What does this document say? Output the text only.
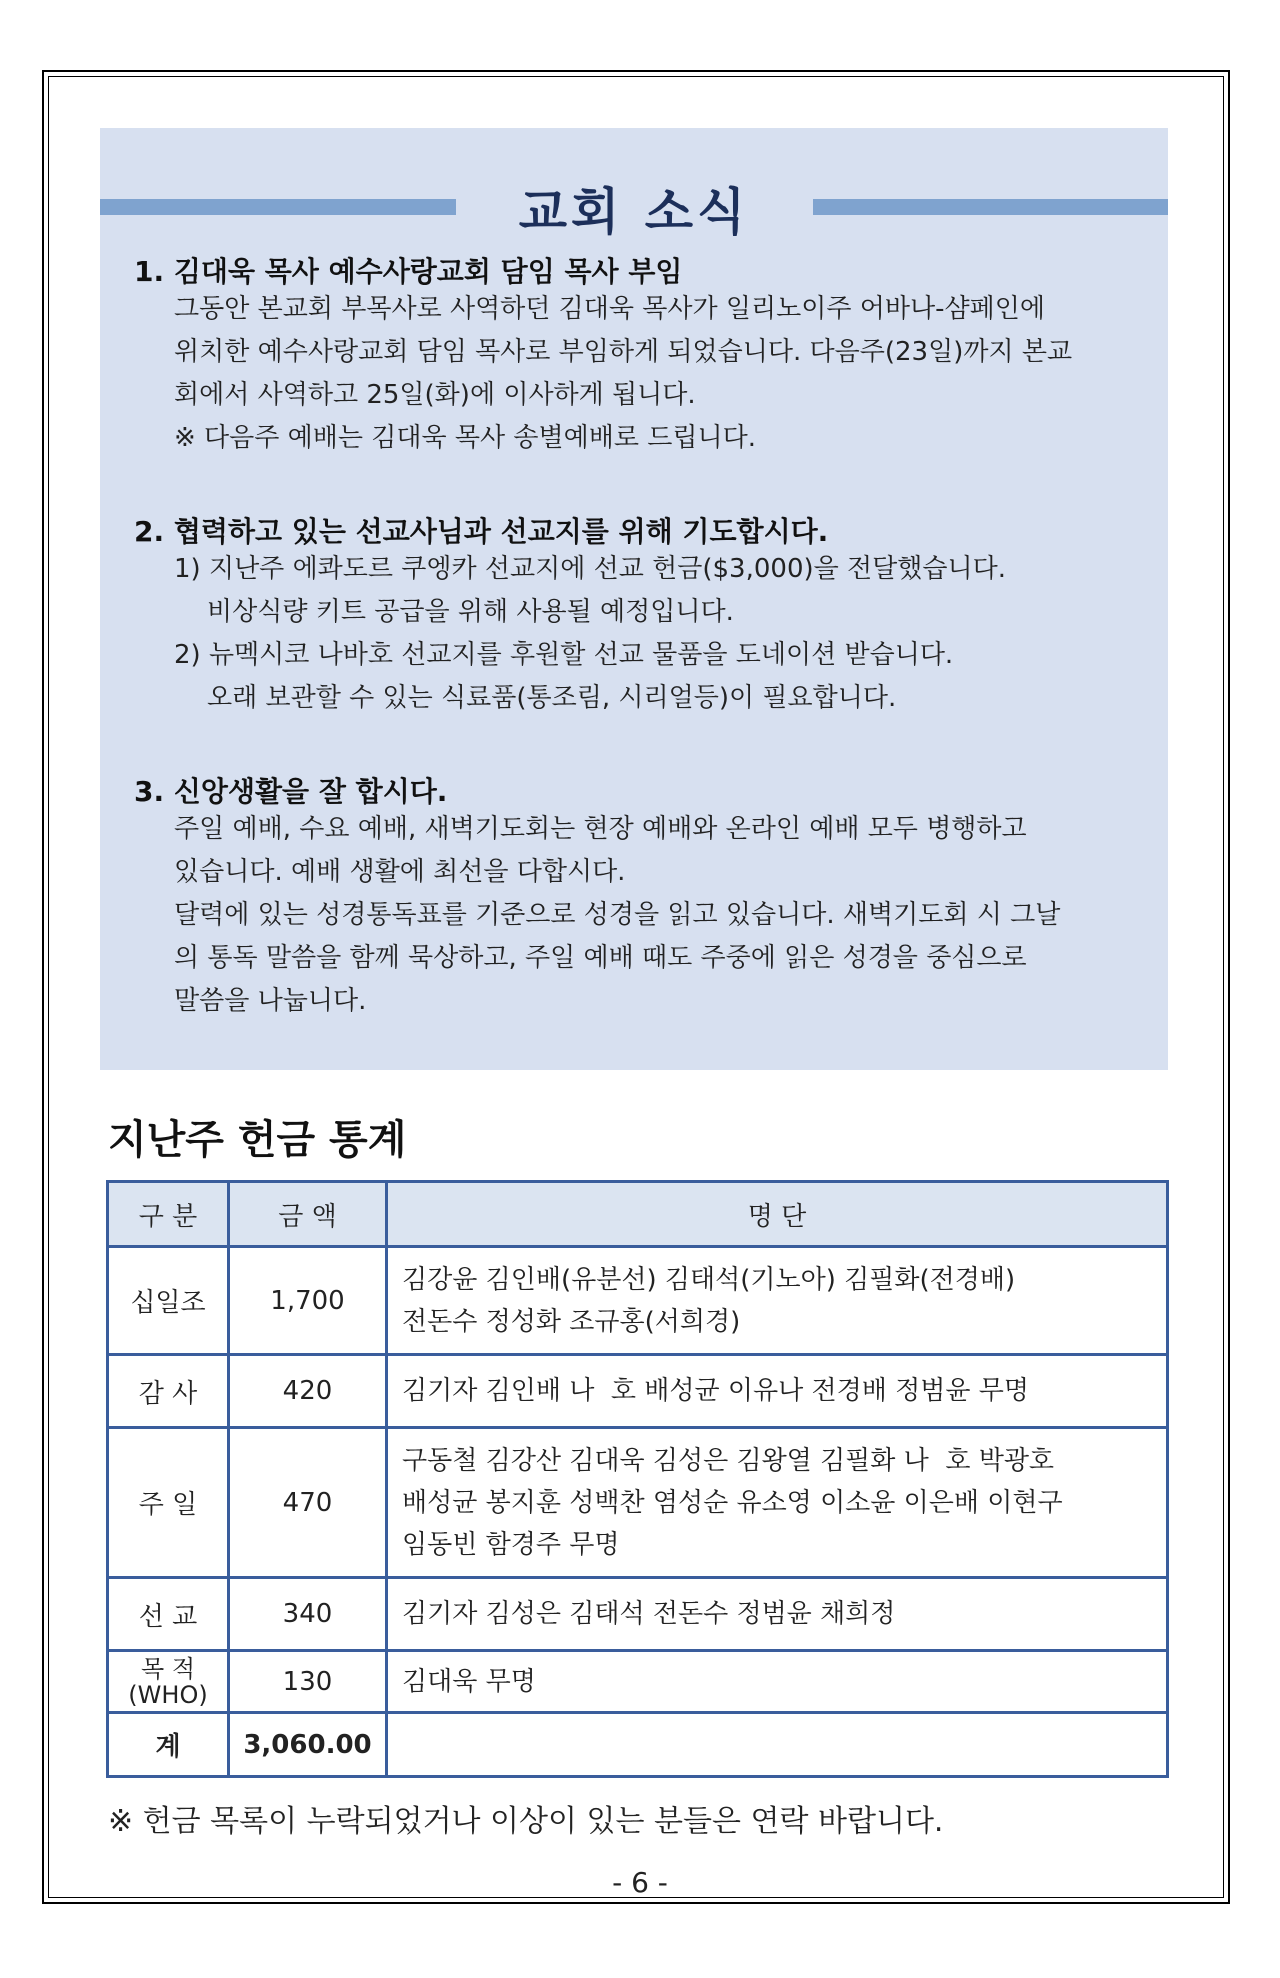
교회 소식
1. 김대욱 목사 예수사랑교회 담임 목사 부임
그동안 본교회 부목사로 사역하던 김대욱 목사가 일리노이주 어바나-샴페인에
위치한 예수사랑교회 담임 목사로 부임하게 되었습니다. 다음주(23일)까지 본교
회에서 사역하고 25일(화)에 이사하게 됩니다.
※ 다음주 예배는 김대욱 목사 송별예배로 드립니다.
2. 협력하고 있는 선교사님과 선교지를 위해 기도합시다.
1) 지난주 에콰도르 쿠엥카 선교지에 선교 헌금($3,000)을 전달했습니다.
비상식량 키트 공급을 위해 사용될 예정입니다.
2) 뉴멕시코 나바호 선교지를 후원할 선교 물품을 도네이션 받습니다.
오래 보관할 수 있는 식료품(통조림, 시리얼등)이 필요합니다.
3. 신앙생활을 잘 합시다.
주일 예배, 수요 예배, 새벽기도회는 현장 예배와 온라인 예배 모두 병행하고
있습니다. 예배 생활에 최선을 다합시다.
달력에 있는 성경통독표를 기준으로 성경을 읽고 있습니다. 새벽기도회 시 그날
의 통독 말씀을 함께 묵상하고, 주일 예배 때도 주중에 읽은 성경을 중심으로
말씀을 나눕니다.
지난주 헌금 통계
구 분	금 액	명 단
십일조	1,700	김강윤 김인배(유분선) 김태석(기노아) 김필화(전경배)
전돈수 정성화 조규홍(서희경)
감 사	420	김기자 김인배 나  호 배성균 이유나 전경배 정범윤 무명
주 일	470	구동철 김강산 김대욱 김성은 김왕열 김필화 나  호 박광호
배성균 봉지훈 성백찬 염성순 유소영 이소윤 이은배 이현구
임동빈 함경주 무명
선 교	340	김기자 김성은 김태석 전돈수 정범윤 채희정
목 적
(WHO)	130	김대욱 무명
계	3,060.00	
※ 헌금 목록이 누락되었거나 이상이 있는 분들은 연락 바랍니다.
- 6 -
